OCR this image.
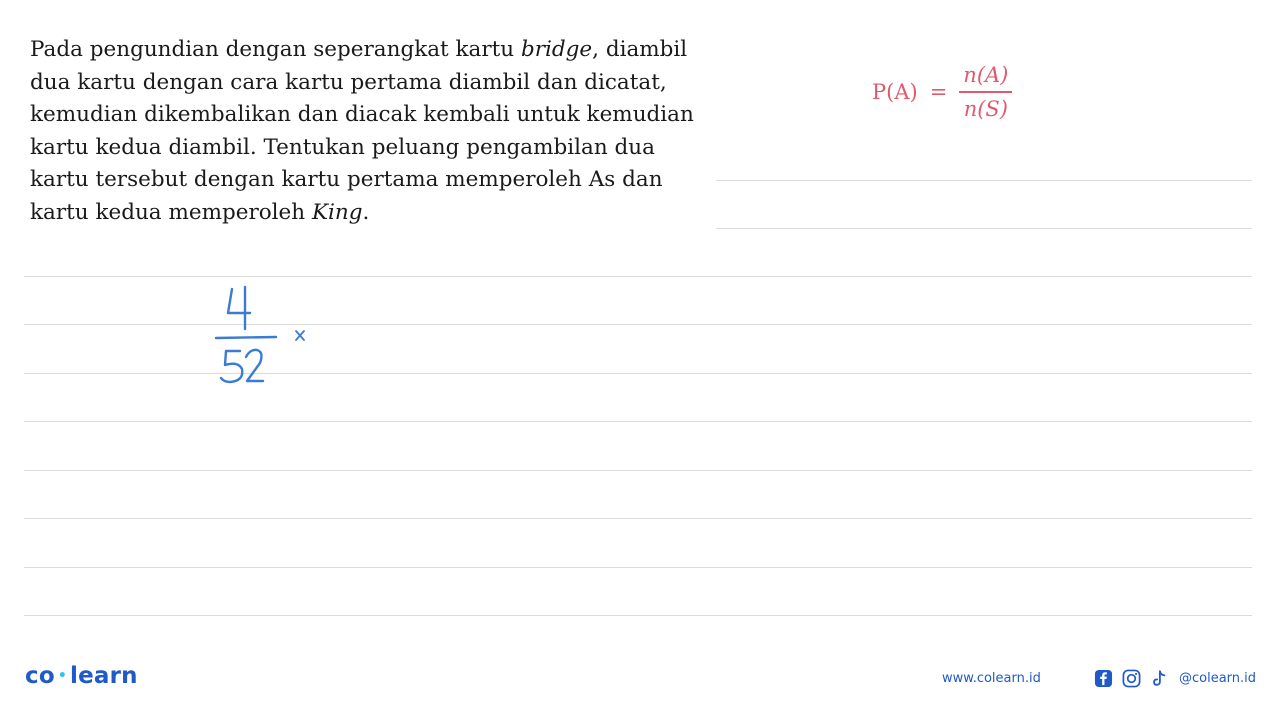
Pada pengundian dengan seperangkat kartu bridge, diambil
dua kartu dengan cara kartu pertama diambil dan dicatat,
kemudian dikembalikan dan diacak kembali untuk kemudian
kartu kedua diambil. Tentukan peluang pengambilan dua
kartu tersebut dengan kartu pertama memperoleh As dan
kartu kedua memperoleh King.
$P(A) = \frac{n(A)}{n(S)}$
co • learn	www.colearn.id	@colearn.id
